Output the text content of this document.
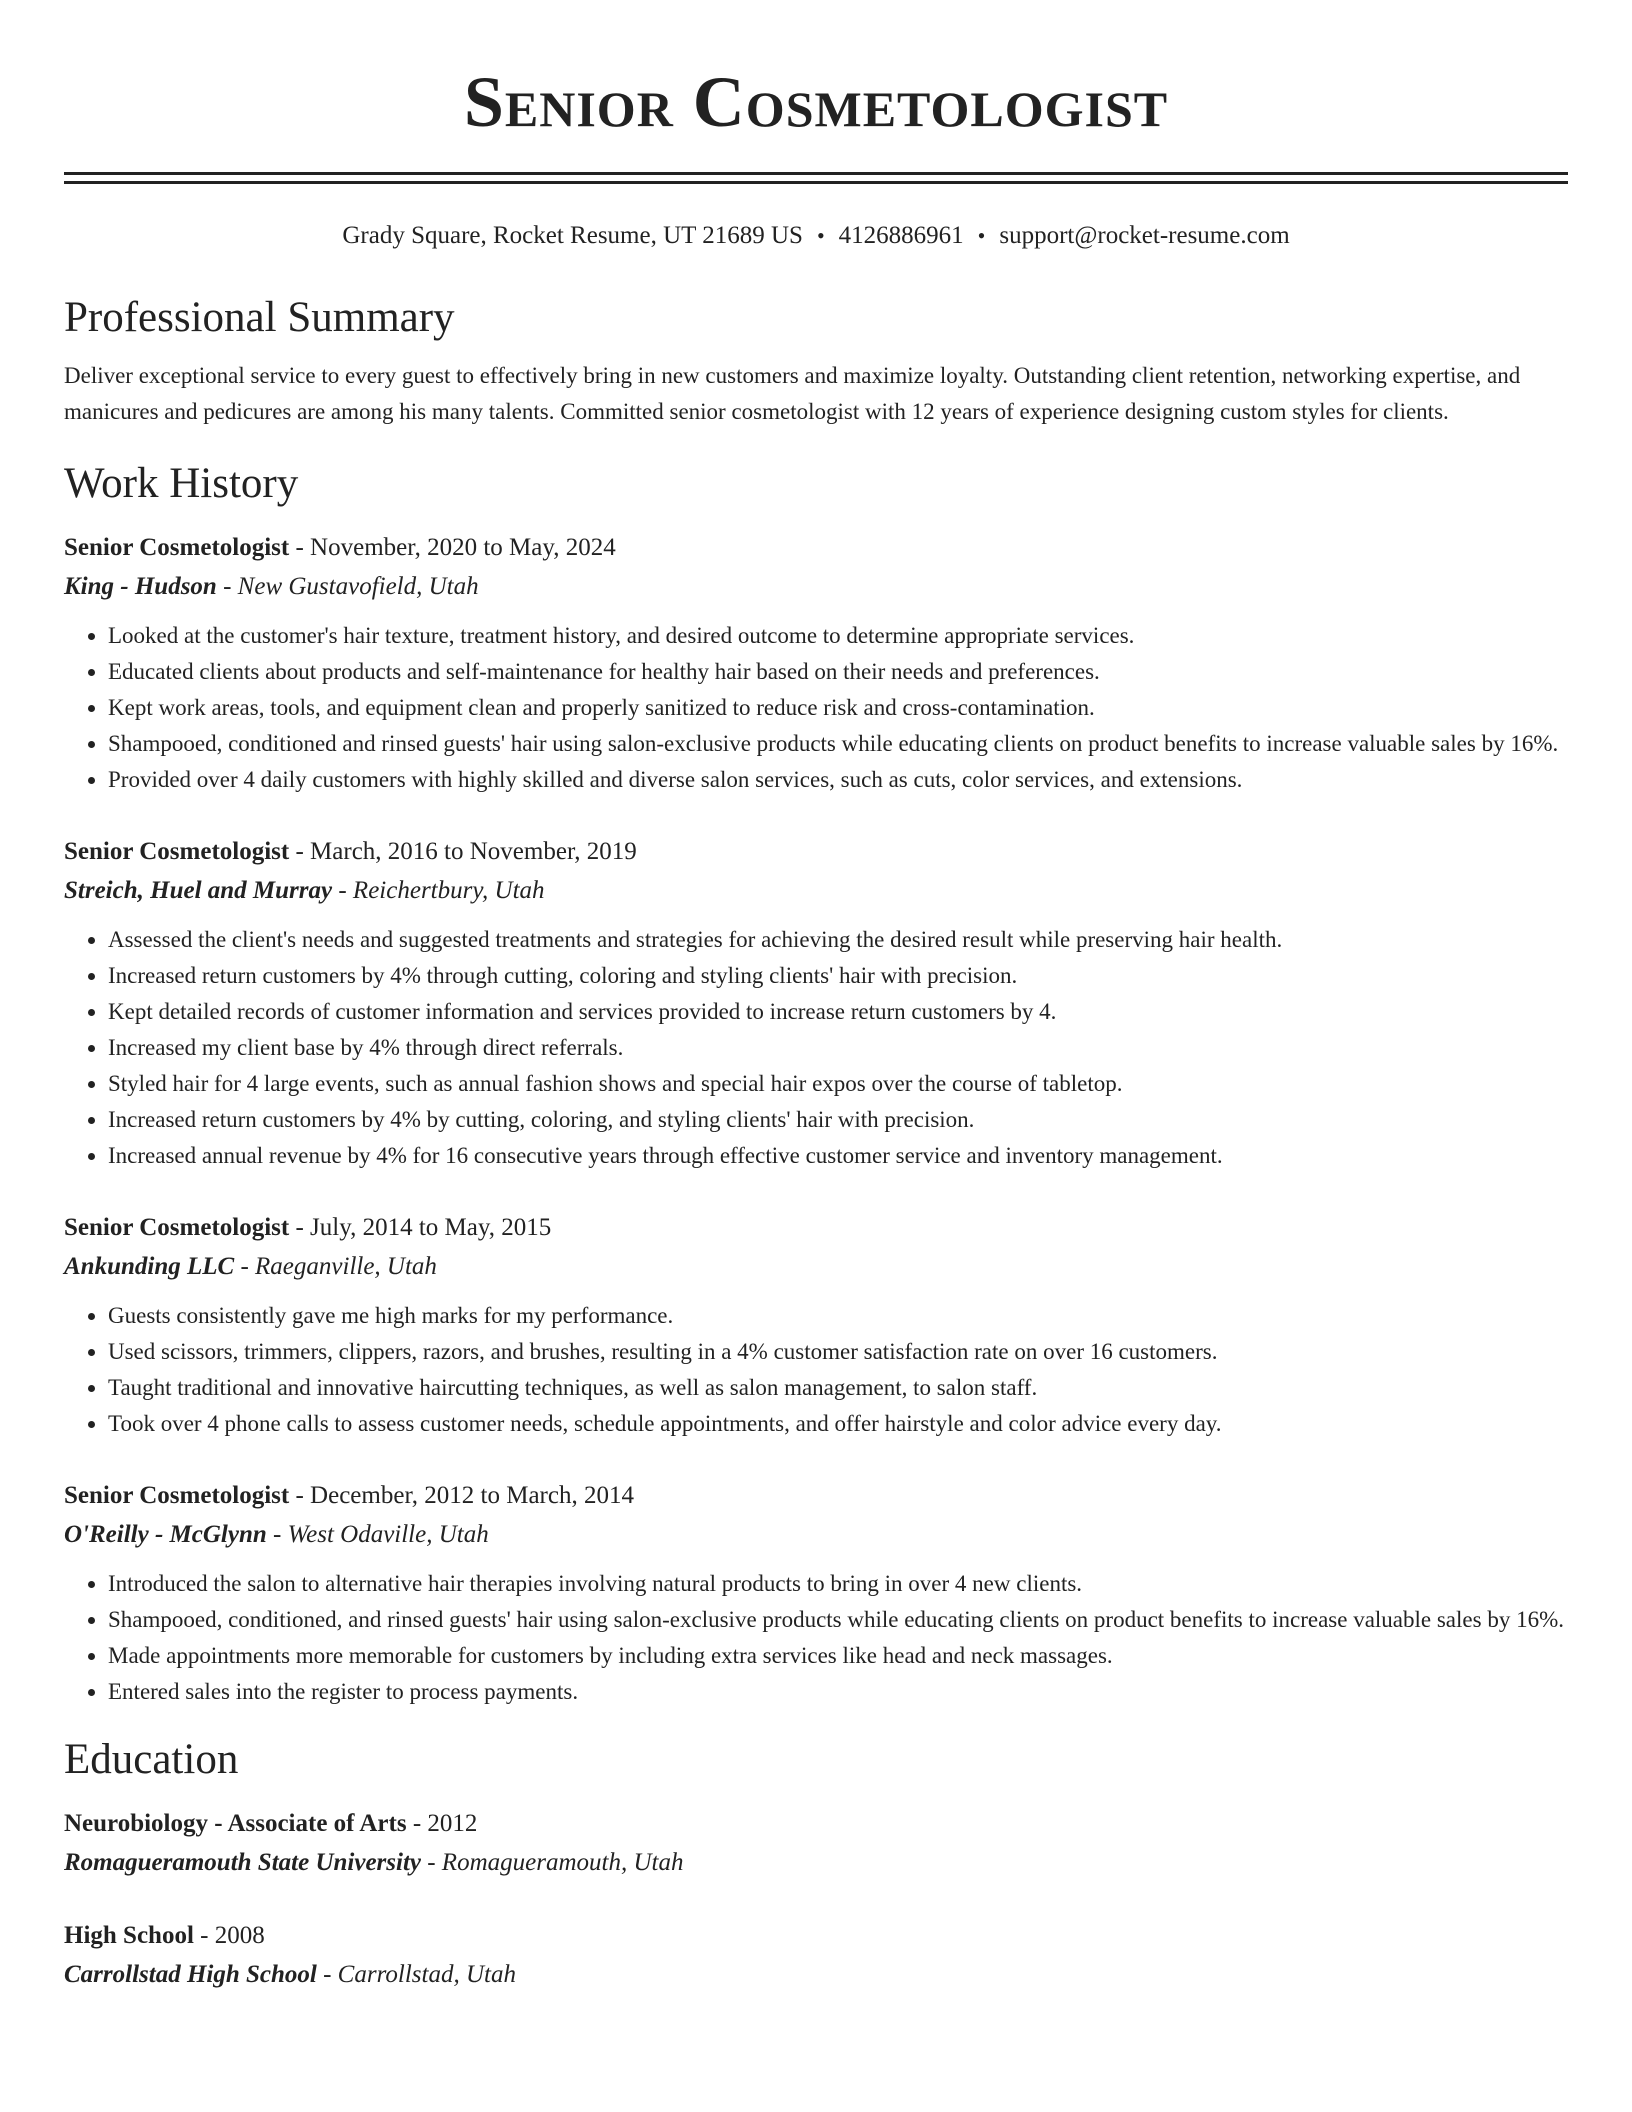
Senior Cosmetologist
Grady Square, Rocket Resume, UT 21689 US • 4126886961 • support@rocket-resume.com
Professional Summary

Deliver exceptional service to every guest to effectively bring in new customers and maximize loyalty. Outstanding client retention, networking expertise, and manicures and pedicures are among his many talents. Committed senior cosmetologist with 12 years of experience designing custom styles for clients.

Work History
Senior Cosmetologist - November, 2020 to May, 2024
King - Hudson - New Gustavofield, Utah
• Looked at the customer's hair texture, treatment history, and desired outcome to determine appropriate services.
• Educated clients about products and self-maintenance for healthy hair based on their needs and preferences.
• Kept work areas, tools, and equipment clean and properly sanitized to reduce risk and cross-contamination.
• Shampooed, conditioned and rinsed guests' hair using salon-exclusive products while educating clients on product benefits to increase valuable sales by 16%.
• Provided over 4 daily customers with highly skilled and diverse salon services, such as cuts, color services, and extensions.
Senior Cosmetologist - March, 2016 to November, 2019
Streich, Huel and Murray - Reichertbury, Utah
• Assessed the client's needs and suggested treatments and strategies for achieving the desired result while preserving hair health.
• Increased return customers by 4% through cutting, coloring and styling clients' hair with precision.
• Kept detailed records of customer information and services provided to increase return customers by 4.
• Increased my client base by 4% through direct referrals.
• Styled hair for 4 large events, such as annual fashion shows and special hair expos over the course of tabletop.
• Increased return customers by 4% by cutting, coloring, and styling clients' hair with precision.
• Increased annual revenue by 4% for 16 consecutive years through effective customer service and inventory management.
Senior Cosmetologist - July, 2014 to May, 2015
Ankunding LLC - Raeganville, Utah
• Guests consistently gave me high marks for my performance.
• Used scissors, trimmers, clippers, razors, and brushes, resulting in a 4% customer satisfaction rate on over 16 customers.
• Taught traditional and innovative haircutting techniques, as well as salon management, to salon staff.
• Took over 4 phone calls to assess customer needs, schedule appointments, and offer hairstyle and color advice every day.
Senior Cosmetologist - December, 2012 to March, 2014
O'Reilly - McGlynn - West Odaville, Utah
• Introduced the salon to alternative hair therapies involving natural products to bring in over 4 new clients.
• Shampooed, conditioned, and rinsed guests' hair using salon-exclusive products while educating clients on product benefits to increase valuable sales by 16%.
• Made appointments more memorable for customers by including extra services like head and neck massages.
• Entered sales into the register to process payments.
Education
Neurobiology - Associate of Arts - 2012
Romagueramouth State University - Romagueramouth, Utah
High School - 2008
Carrollstad High School - Carrollstad, Utah
